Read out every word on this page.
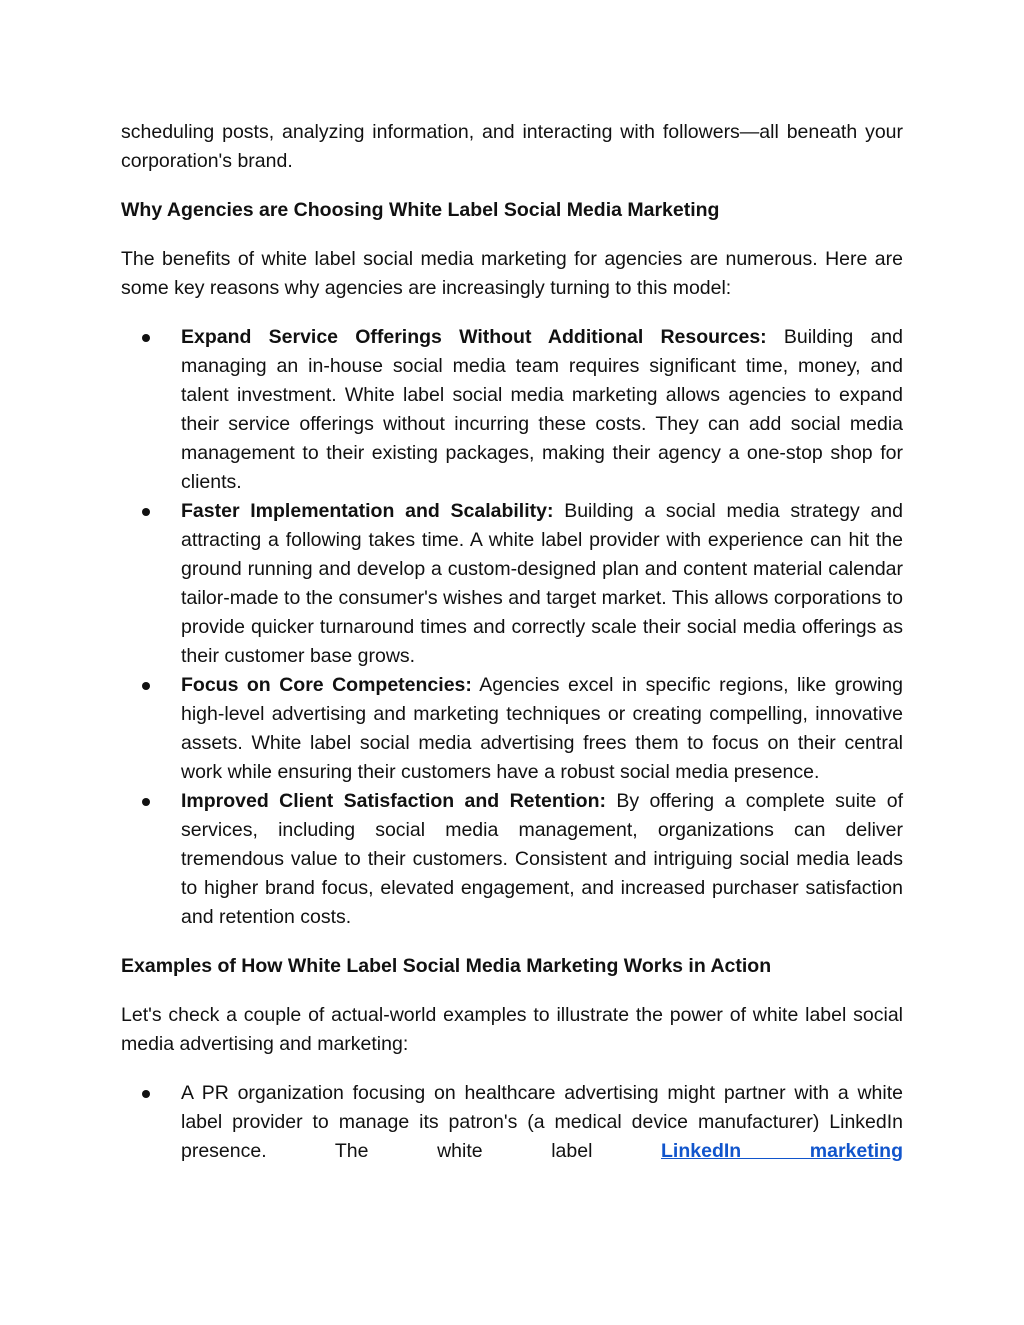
scheduling posts, analyzing information, and interacting with followers—all beneath your corporation's brand.

Why Agencies are Choosing White Label Social Media Marketing

The benefits of white label social media marketing for agencies are numerous. Here are some key reasons why agencies are increasingly turning to this model:

Expand Service Offerings Without Additional Resources: Building and managing an in-house social media team requires significant time, money, and talent investment. White label social media marketing allows agencies to expand their service offerings without incurring these costs. They can add social media management to their existing packages, making their agency a one-stop shop for clients.
Faster Implementation and Scalability: Building a social media strategy and attracting a following takes time. A white label provider with experience can hit the ground running and develop a custom-designed plan and content material calendar tailor-made to the consumer's wishes and target market. This allows corporations to provide quicker turnaround times and correctly scale their social media offerings as their customer base grows.
Focus on Core Competencies: Agencies excel in specific regions, like growing high-level advertising and marketing techniques or creating compelling, innovative assets. White label social media advertising frees them to focus on their central work while ensuring their customers have a robust social media presence.
Improved Client Satisfaction and Retention: By offering a complete suite of services, including social media management, organizations can deliver tremendous value to their customers. Consistent and intriguing social media leads to higher brand focus, elevated engagement, and increased purchaser satisfaction and retention costs.
Examples of How White Label Social Media Marketing Works in Action

Let's check a couple of actual-world examples to illustrate the power of white label social media advertising and marketing:

A PR organization focusing on healthcare advertising might partner with a white label provider to manage its patron's (a medical device manufacturer) LinkedIn presence. The white label LinkedIn marketing
